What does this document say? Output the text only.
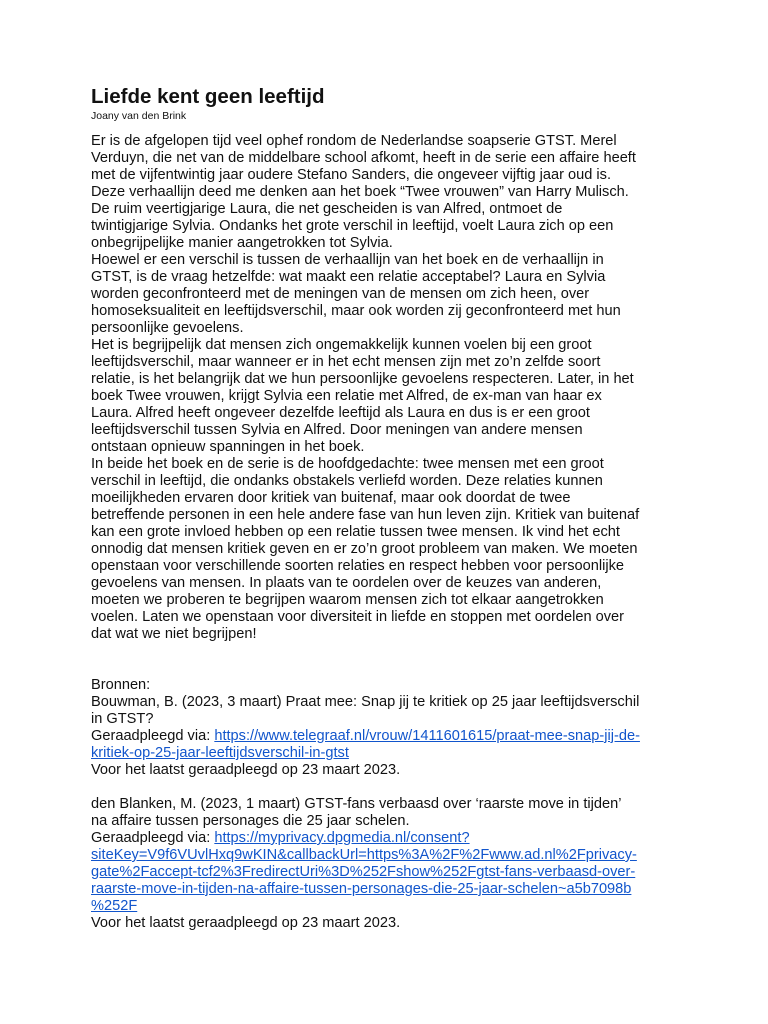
Liefde kent geen leeftijd

Joany van den Brink

Er is de afgelopen tijd veel ophef rondom de Nederlandse soapserie GTST. Merel
Verduyn, die net van de middelbare school afkomt, heeft in de serie een affaire heeft
met de vijfentwintig jaar oudere Stefano Sanders, die ongeveer vijftig jaar oud is.
Deze verhaallijn deed me denken aan het boek “Twee vrouwen” van Harry Mulisch.
De ruim veertigjarige Laura, die net gescheiden is van Alfred, ontmoet de
twintigjarige Sylvia. Ondanks het grote verschil in leeftijd, voelt Laura zich op een
onbegrijpelijke manier aangetrokken tot Sylvia.
Hoewel er een verschil is tussen de verhaallijn van het boek en de verhaallijn in
GTST, is de vraag hetzelfde: wat maakt een relatie acceptabel? Laura en Sylvia
worden geconfronteerd met de meningen van de mensen om zich heen, over
homoseksualiteit en leeftijdsverschil, maar ook worden zij geconfronteerd met hun
persoonlijke gevoelens.
Het is begrijpelijk dat mensen zich ongemakkelijk kunnen voelen bij een groot
leeftijdsverschil, maar wanneer er in het echt mensen zijn met zo’n zelfde soort
relatie, is het belangrijk dat we hun persoonlijke gevoelens respecteren. Later, in het
boek Twee vrouwen, krijgt Sylvia een relatie met Alfred, de ex-man van haar ex
Laura. Alfred heeft ongeveer dezelfde leeftijd als Laura en dus is er een groot
leeftijdsverschil tussen Sylvia en Alfred. Door meningen van andere mensen
ontstaan opnieuw spanningen in het boek.
In beide het boek en de serie is de hoofdgedachte: twee mensen met een groot
verschil in leeftijd, die ondanks obstakels verliefd worden. Deze relaties kunnen
moeilijkheden ervaren door kritiek van buitenaf, maar ook doordat de twee
betreffende personen in een hele andere fase van hun leven zijn. Kritiek van buitenaf
kan een grote invloed hebben op een relatie tussen twee mensen. Ik vind het echt
onnodig dat mensen kritiek geven en er zo’n groot probleem van maken. We moeten
openstaan voor verschillende soorten relaties en respect hebben voor persoonlijke
gevoelens van mensen. In plaats van te oordelen over de keuzes van anderen,
moeten we proberen te begrijpen waarom mensen zich tot elkaar aangetrokken
voelen. Laten we openstaan voor diversiteit in liefde en stoppen met oordelen over
dat wat we niet begrijpen!
Bronnen:
Bouwman, B. (2023, 3 maart) Praat mee: Snap jij te kritiek op 25 jaar leeftijdsverschil
in GTST?
Geraadpleegd via: https://www.telegraaf.nl/vrouw/1411601615/praat-mee-snap-jij-de-
kritiek-op-25-jaar-leeftijdsverschil-in-gtst
Voor het laatst geraadpleegd op 23 maart 2023.
den Blanken, M. (2023, 1 maart) GTST-fans verbaasd over ‘raarste move in tijden’
na affaire tussen personages die 25 jaar schelen.
Geraadpleegd via: https://myprivacy.dpgmedia.nl/consent?
siteKey=V9f6VUvlHxq9wKIN&callbackUrl=https%3A%2F%2Fwww.ad.nl%2Fprivacy-
gate%2Faccept-tcf2%3FredirectUri%3D%252Fshow%252Fgtst-fans-verbaasd-over-
raarste-move-in-tijden-na-affaire-tussen-personages-die-25-jaar-schelen~a5b7098b
%252F
Voor het laatst geraadpleegd op 23 maart 2023.
